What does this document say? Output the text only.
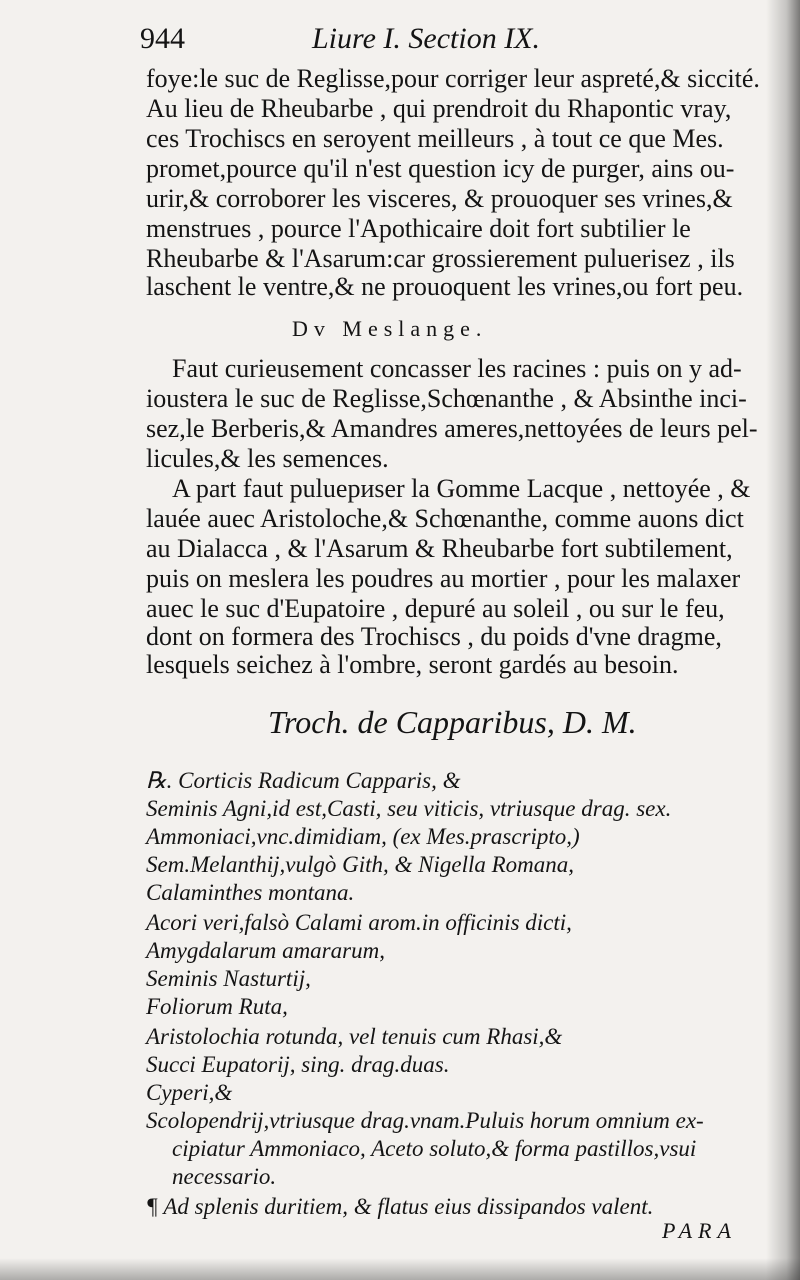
944	Liure I. Section IX.
foye:le suc de Reglisse,pour corriger leur aspreté,& siccité.
Au lieu de Rheubarbe , qui prendroit du Rhapontic vray,
ces Trochiscs en seroyent meilleurs , à tout ce que Mes.
promet,pource qu'il n'est question icy de purger, ains ou-
urir,& corroborer les visceres, & prouoquer ses vrines,&
menstrues , pource l'Apothicaire doit fort subtilier le
Rheubarbe & l'Asarum:car grossierement puluerisez , ils
laschent le ventre,& ne prouoquent les vrines,ou fort peu.
Dv Meslange.
Faut curieusement concasser les racines : puis on y ad-
ioustera le suc de Reglisse,Schœnanthe , & Absinthe inci-
sez,le Berberis,& Amandres ameres,nettoyées de leurs pel-
licules,& les semences.
A part faut puluериser la Gomme Lacque , nettoyée , &
lauée auec Aristoloche,& Schœnanthe, comme auons dict
au Dialacca , & l'Asarum & Rheubarbe fort subtilement,
puis on meslera les poudres au mortier , pour les malaxer
auec le suc d'Eupatoire , depuré au soleil , ou sur le feu,
dont on formera des Trochiscs , du poids d'vne dragme,
lesquels seichez à l'ombre, seront gardés au besoin.
Troch. de Capparibus, D. M.
℞. Corticis Radicum Capparis, &
Seminis Agni,id est,Casti, seu viticis, vtriusque drag. sex.
Ammoniaci,vnc.dimidiam, (ex Mes.prascripto,)
Sem.Melanthij,vulgò Gith, & Nigella Romana,
Calaminthes montana.
Acori veri,falsò Calami arom.in officinis dicti,
Amygdalarum amararum,
Seminis Nasturtij,
Foliorum Ruta,
Aristolochia rotunda, vel tenuis cum Rhasi,&
Succi Eupatorij, sing. drag.duas.
Cyperi,&
Scolopendrij,vtriusque drag.vnam.Puluis horum omnium ex-
cipiatur Ammoniaco, Aceto soluto,& forma pastillos,vsui
necessario.
¶ Ad splenis duritiem, & flatus eius dissipandos valent.
PARA
